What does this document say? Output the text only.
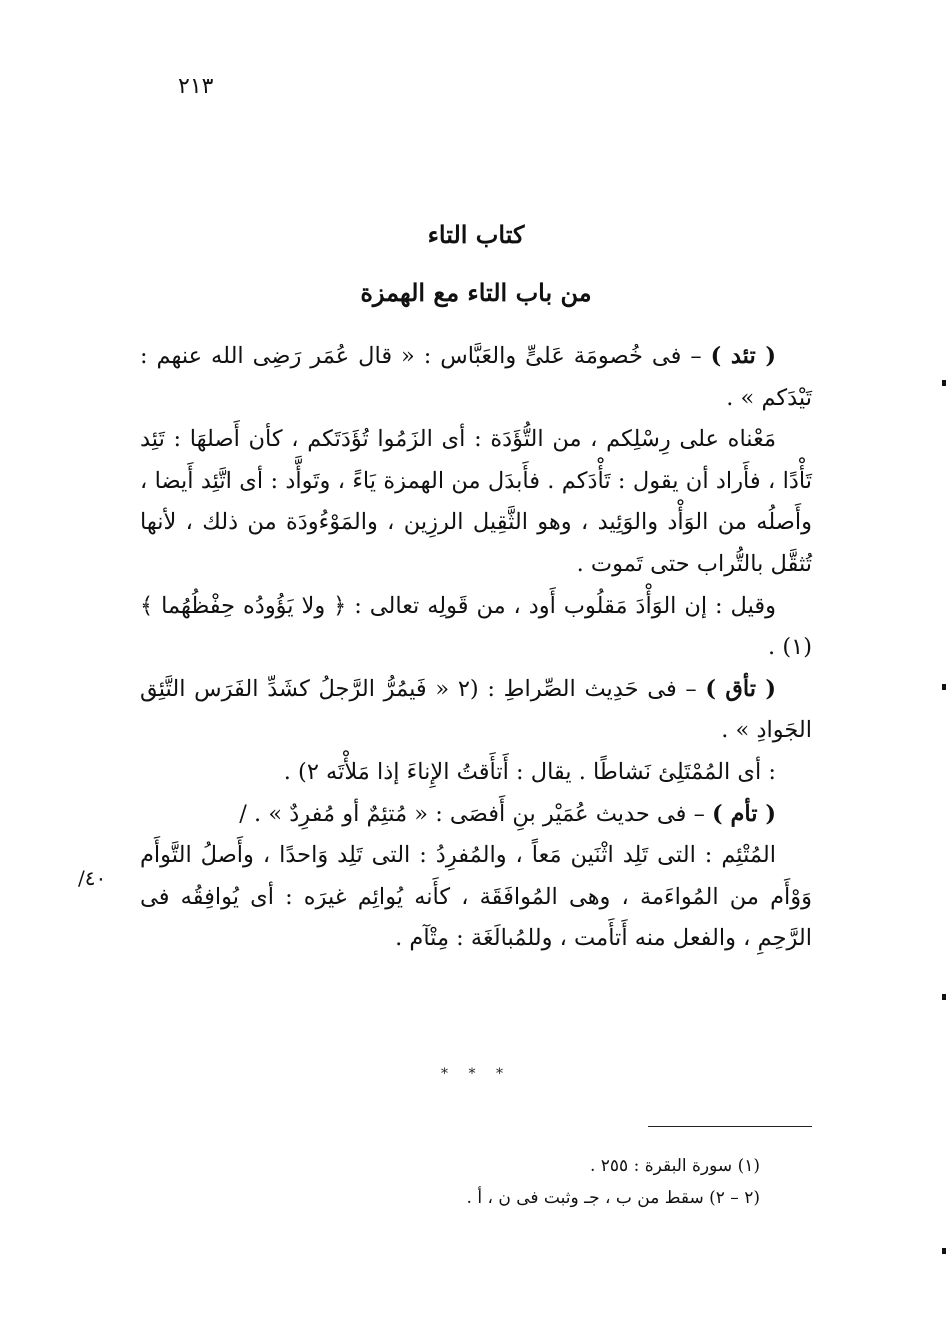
٢١٣
كتاب التاء
من باب التاء مع الهمزة

( تئد ) – فى خُصومَة عَلىٍّ والعَبَّاس : « قال عُمَر رَضِى الله عنهم : تَيْدَكم » .

مَعْناه على رِسْلِكم ، من التُّؤَدَة : أى الزَمُوا تُؤَدَتَكم ، كأن أَصلهَا : تَئِد تَأْدًا ، فأَراد أن يقول : تَأْدَكم . فأَبدَل من الهمزة يَاءً ، وتَوأَّد : أى اتَّئِد أَيضا ، وأَصلُه من الوَأْد والوَئِيد ، وهو الثَّقِيل الرزِين ، والمَوْءُودَة من ذلك ، لأنها تُثقَّل بالتُّراب حتى تَموت .

وقيل : إن الوَأْدَ مَقلُوب أَود ، من قَولِه تعالى : ﴿ ولا يَؤُودُه حِفْظُهُما ﴾ (١) .

( تأق ) – فى حَدِيث الصِّراطِ : (٢ « فَيمُرُّ الرَّجلُ كشَدِّ الفَرَس التَّئِق الجَوادِ » .

: أى المُمْتَلِئ نَشاطًا . يقال : أَتأَقتُ الإِناءَ إذا مَلأْتَه ٢) .

( تأم ) – فى حديث عُمَيْر بنِ أَفصَى : « مُتئِمٌ أو مُفرِدٌ » . /

المُتْئِم : التى تَلِد اثْنَين مَعاً ، والمُفرِدُ : التى تَلِد وَاحدًا ، وأَصلُ التَّوأَم وَوْأَم من المُواءَمة ، وهى المُوافَقَة ، كأَنه يُوائِم غيرَه : أى يُوافِقُه فى الرَّحِمِ ، والفعل منه أَتأَمت ، وللمُبالَغَة : مِتْآم .

٤٠/
* * *

(١) سورة البقرة : ٢٥٥ .

(٢ – ٢) سقط من ب ، جـ وثبت فى ن ، أ .
